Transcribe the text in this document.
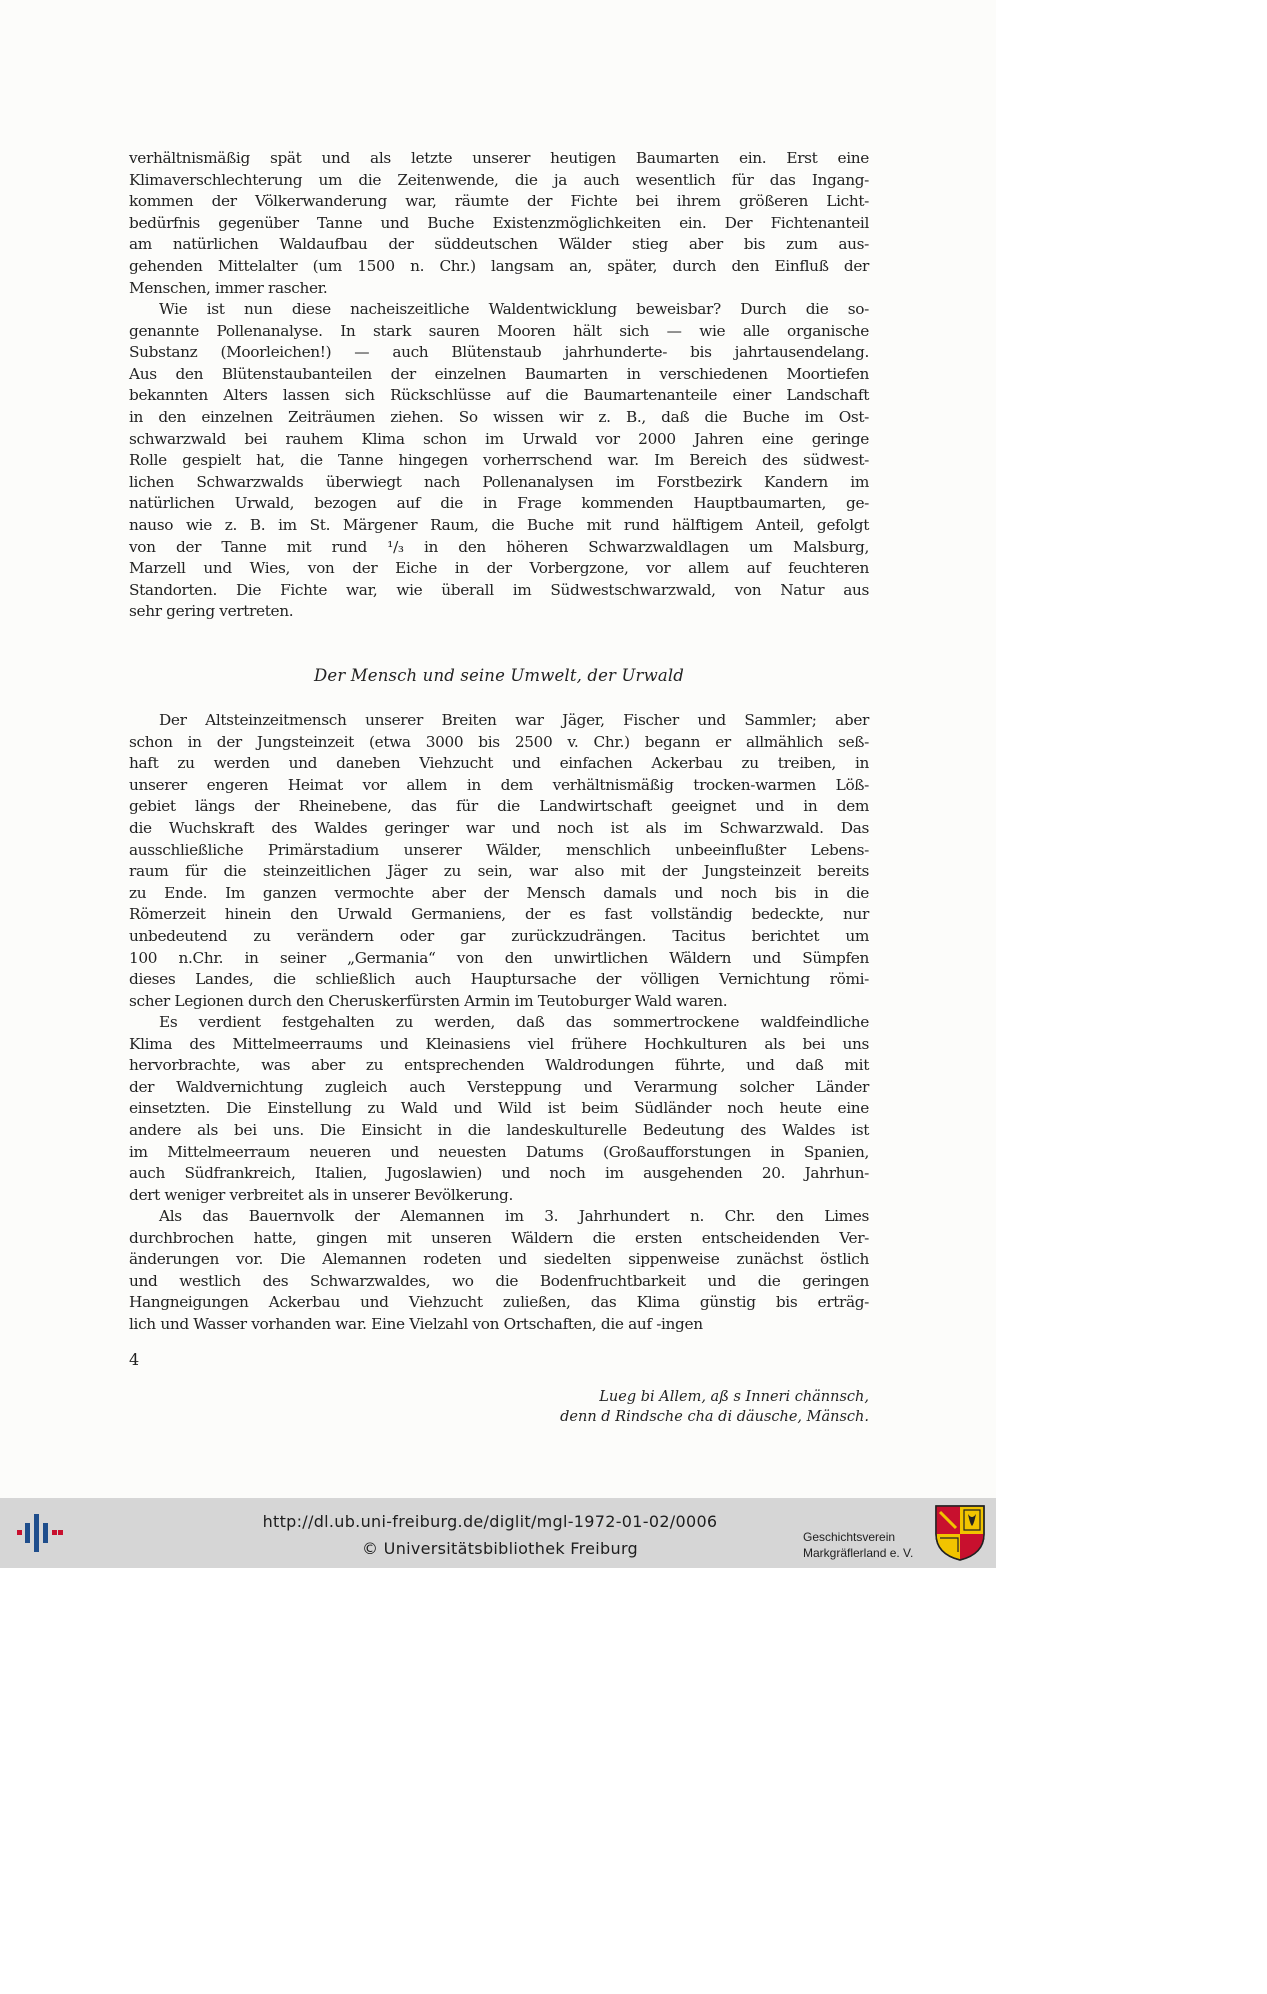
verhältnismäßig spät und als letzte unserer heutigen Baumarten ein. Erst eine
Klimaverschlechterung um die Zeitenwende, die ja auch wesentlich für das Ingang-
kommen der Völkerwanderung war, räumte der Fichte bei ihrem größeren Licht-
bedürfnis gegenüber Tanne und Buche Existenzmöglichkeiten ein. Der Fichtenanteil
am natürlichen Waldaufbau der süddeutschen Wälder stieg aber bis zum aus-
gehenden Mittelalter (um 1500 n. Chr.) langsam an, später, durch den Einfluß der
Menschen, immer rascher.
Wie ist nun diese nacheiszeitliche Waldentwicklung beweisbar? Durch die so-
genannte Pollenanalyse. In stark sauren Mooren hält sich — wie alle organische
Substanz (Moorleichen!) — auch Blütenstaub jahrhunderte- bis jahrtausendelang.
Aus den Blütenstaubanteilen der einzelnen Baumarten in verschiedenen Moortiefen
bekannten Alters lassen sich Rückschlüsse auf die Baumartenanteile einer Landschaft
in den einzelnen Zeiträumen ziehen. So wissen wir z. B., daß die Buche im Ost-
schwarzwald bei rauhem Klima schon im Urwald vor 2000 Jahren eine geringe
Rolle gespielt hat, die Tanne hingegen vorherrschend war. Im Bereich des südwest-
lichen Schwarzwalds überwiegt nach Pollenanalysen im Forstbezirk Kandern im
natürlichen Urwald, bezogen auf die in Frage kommenden Hauptbaumarten, ge-
nauso wie z. B. im St. Märgener Raum, die Buche mit rund hälftigem Anteil, gefolgt
von der Tanne mit rund ¹/₃ in den höheren Schwarzwaldlagen um Malsburg,
Marzell und Wies, von der Eiche in der Vorbergzone, vor allem auf feuchteren
Standorten. Die Fichte war, wie überall im Südwestschwarzwald, von Natur aus
sehr gering vertreten.
Der Mensch und seine Umwelt, der Urwald
Der Altsteinzeitmensch unserer Breiten war Jäger, Fischer und Sammler; aber
schon in der Jungsteinzeit (etwa 3000 bis 2500 v. Chr.) begann er allmählich seß-
haft zu werden und daneben Viehzucht und einfachen Ackerbau zu treiben, in
unserer engeren Heimat vor allem in dem verhältnismäßig trocken-warmen Löß-
gebiet längs der Rheinebene, das für die Landwirtschaft geeignet und in dem
die Wuchskraft des Waldes geringer war und noch ist als im Schwarzwald. Das
ausschließliche Primärstadium unserer Wälder, menschlich unbeeinflußter Lebens-
raum für die steinzeitlichen Jäger zu sein, war also mit der Jungsteinzeit bereits
zu Ende. Im ganzen vermochte aber der Mensch damals und noch bis in die
Römerzeit hinein den Urwald Germaniens, der es fast vollständig bedeckte, nur
unbedeutend zu verändern oder gar zurückzudrängen. Tacitus berichtet um
100 n.Chr. in seiner „Germania“ von den unwirtlichen Wäldern und Sümpfen
dieses Landes, die schließlich auch Hauptursache der völligen Vernichtung römi-
scher Legionen durch den Cheruskerfürsten Armin im Teutoburger Wald waren.
Es verdient festgehalten zu werden, daß das sommertrockene waldfeindliche
Klima des Mittelmeerraums und Kleinasiens viel frühere Hochkulturen als bei uns
hervorbrachte, was aber zu entsprechenden Waldrodungen führte, und daß mit
der Waldvernichtung zugleich auch Versteppung und Verarmung solcher Länder
einsetzten. Die Einstellung zu Wald und Wild ist beim Südländer noch heute eine
andere als bei uns. Die Einsicht in die landeskulturelle Bedeutung des Waldes ist
im Mittelmeerraum neueren und neuesten Datums (Großaufforstungen in Spanien,
auch Südfrankreich, Italien, Jugoslawien) und noch im ausgehenden 20. Jahrhun-
dert weniger verbreitet als in unserer Bevölkerung.
Als das Bauernvolk der Alemannen im 3. Jahrhundert n. Chr. den Limes
durchbrochen hatte, gingen mit unseren Wäldern die ersten entscheidenden Ver-
änderungen vor. Die Alemannen rodeten und siedelten sippenweise zunächst östlich
und westlich des Schwarzwaldes, wo die Bodenfruchtbarkeit und die geringen
Hangneigungen Ackerbau und Viehzucht zuließen, das Klima günstig bis erträg-
lich und Wasser vorhanden war. Eine Vielzahl von Ortschaften, die auf -ingen
4
Lueg bi Allem, aß s Inneri chännsch,
denn d Rindsche cha di däusche, Mänsch.
http://dl.ub.uni-freiburg.de/diglit/mgl-1972-01-02/0006
© Universitätsbibliothek Freiburg
Geschichtsverein
Markgräflerland e. V.
